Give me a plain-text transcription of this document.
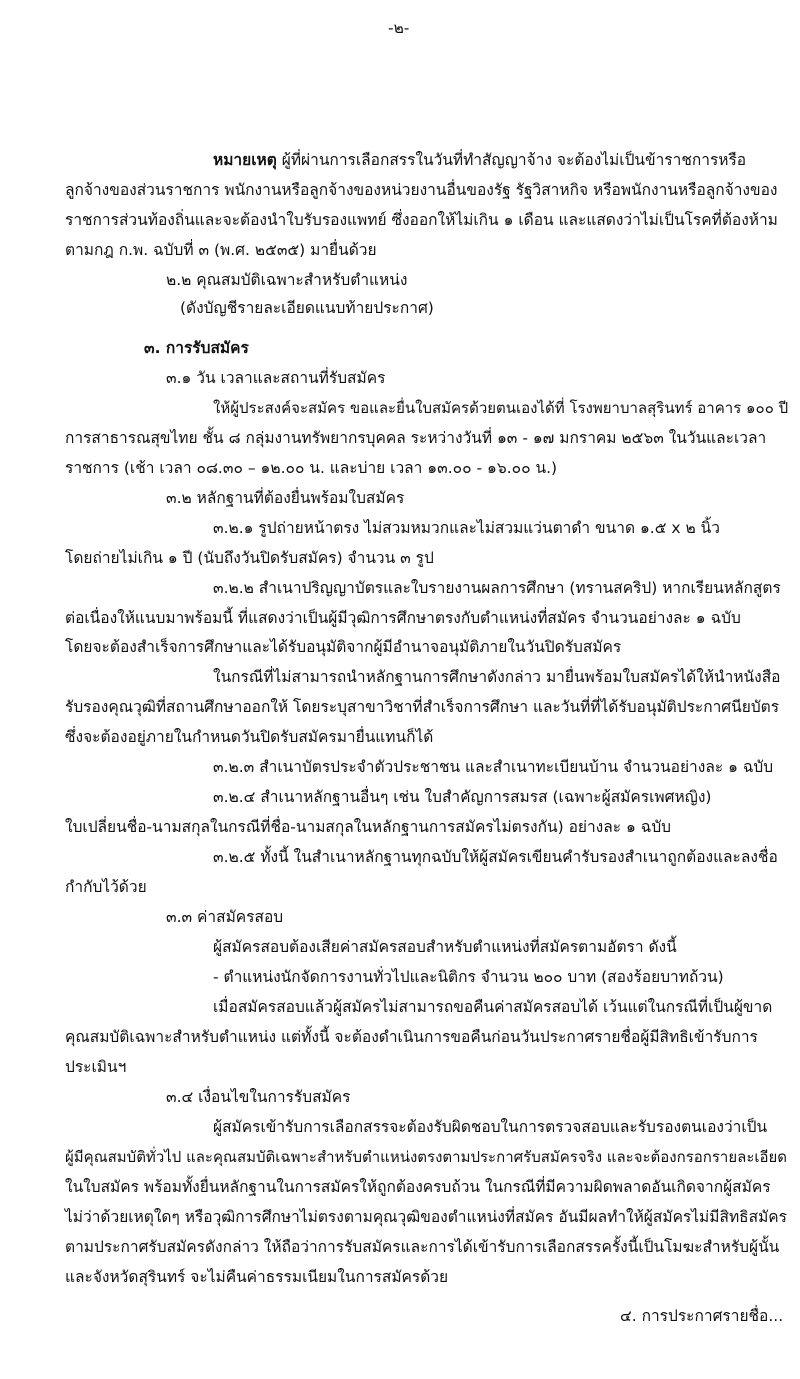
-๒-
หมายเหตุ ผู้ที่ผ่านการเลือกสรรในวันที่ทำสัญญาจ้าง จะต้องไม่เป็นข้าราชการหรือ
ลูกจ้างของส่วนราชการ พนักงานหรือลูกจ้างของหน่วยงานอื่นของรัฐ รัฐวิสาหกิจ หรือพนักงานหรือลูกจ้างของ
ราชการส่วนท้องถิ่นและจะต้องนำใบรับรองแพทย์ ซึ่งออกให้ไม่เกิน ๑ เดือน และแสดงว่าไม่เป็นโรคที่ต้องห้าม
ตามกฎ ก.พ. ฉบับที่ ๓ (พ.ศ. ๒๕๓๕) มายื่นด้วย
๒.๒ คุณสมบัติเฉพาะสำหรับตำแหน่ง
(ดังบัญชีรายละเอียดแนบท้ายประกาศ)
๓. การรับสมัคร
๓.๑ วัน เวลาและสถานที่รับสมัคร
ให้ผู้ประสงค์จะสมัคร ขอและยื่นใบสมัครด้วยตนเองได้ที่ โรงพยาบาลสุรินทร์ อาคาร ๑๐๐ ปี
การสาธารณสุขไทย ชั้น ๘ กลุ่มงานทรัพยากรบุคคล ระหว่างวันที่ ๑๓ - ๑๗ มกราคม ๒๕๖๓ ในวันและเวลา
ราชการ (เช้า เวลา ๐๘.๓๐ – ๑๒.๐๐ น. และบ่าย เวลา ๑๓.๐๐ - ๑๖.๐๐ น.)
๓.๒ หลักฐานที่ต้องยื่นพร้อมใบสมัคร
๓.๒.๑ รูปถ่ายหน้าตรง ไม่สวมหมวกและไม่สวมแว่นตาดำ ขนาด ๑.๕ x ๒ นิ้ว
โดยถ่ายไม่เกิน ๑ ปี (นับถึงวันปิดรับสมัคร) จำนวน ๓ รูป
๓.๒.๒ สำเนาปริญญาบัตรและใบรายงานผลการศึกษา (ทรานสคริป) หากเรียนหลักสูตร
ต่อเนื่องให้แนบมาพร้อมนี้ ที่แสดงว่าเป็นผู้มีวุฒิการศึกษาตรงกับตำแหน่งที่สมัคร จำนวนอย่างละ ๑ ฉบับ
โดยจะต้องสำเร็จการศึกษาและได้รับอนุมัติจากผู้มีอำนาจอนุมัติภายในวันปิดรับสมัคร
ในกรณีที่ไม่สามารถนำหลักฐานการศึกษาดังกล่าว มายื่นพร้อมใบสมัครได้ให้นำหนังสือ
รับรองคุณวุฒิที่สถานศึกษาออกให้ โดยระบุสาขาวิชาที่สำเร็จการศึกษา และวันที่ที่ได้รับอนุมัติประกาศนียบัตร
ซึ่งจะต้องอยู่ภายในกำหนดวันปิดรับสมัครมายื่นแทนก็ได้
๓.๒.๓ สำเนาบัตรประจำตัวประชาชน และสำเนาทะเบียนบ้าน จำนวนอย่างละ ๑ ฉบับ
๓.๒.๔ สำเนาหลักฐานอื่นๆ เช่น ใบสำคัญการสมรส (เฉพาะผู้สมัครเพศหญิง)
ใบเปลี่ยนชื่อ-นามสกุลในกรณีที่ชื่อ-นามสกุลในหลักฐานการสมัครไม่ตรงกัน) อย่างละ ๑ ฉบับ
๓.๒.๕ ทั้งนี้ ในสำเนาหลักฐานทุกฉบับให้ผู้สมัครเขียนคำรับรองสำเนาถูกต้องและลงชื่อ
กำกับไว้ด้วย
๓.๓ ค่าสมัครสอบ
ผู้สมัครสอบต้องเสียค่าสมัครสอบสำหรับตำแหน่งที่สมัครตามอัตรา ดังนี้
- ตำแหน่งนักจัดการงานทั่วไปและนิติกร จำนวน ๒๐๐ บาท (สองร้อยบาทถ้วน)
เมื่อสมัครสอบแล้วผู้สมัครไม่สามารถขอคืนค่าสมัครสอบได้ เว้นแต่ในกรณีที่เป็นผู้ขาด
คุณสมบัติเฉพาะสำหรับตำแหน่ง แต่ทั้งนี้ จะต้องดำเนินการขอคืนก่อนวันประกาศรายชื่อผู้มีสิทธิเข้ารับการ
ประเมินฯ
๓.๔ เงื่อนไขในการรับสมัคร
ผู้สมัครเข้ารับการเลือกสรรจะต้องรับผิดชอบในการตรวจสอบและรับรองตนเองว่าเป็น
ผู้มีคุณสมบัติทั่วไป และคุณสมบัติเฉพาะสำหรับตำแหน่งตรงตามประกาศรับสมัครจริง และจะต้องกรอกรายละเอียด
ในใบสมัคร พร้อมทั้งยื่นหลักฐานในการสมัครให้ถูกต้องครบถ้วน ในกรณีที่มีความผิดพลาดอันเกิดจากผู้สมัคร
ไม่ว่าด้วยเหตุใดๆ หรือวุฒิการศึกษาไม่ตรงตามคุณวุฒิของตำแหน่งที่สมัคร อันมีผลทำให้ผู้สมัครไม่มีสิทธิสมัคร
ตามประกาศรับสมัครดังกล่าว ให้ถือว่าการรับสมัครและการได้เข้ารับการเลือกสรรครั้งนี้เป็นโมฆะสำหรับผู้นั้น
และจังหวัดสุรินทร์ จะไม่คืนค่าธรรมเนียมในการสมัครด้วย
๔. การประกาศรายชื่อ...
